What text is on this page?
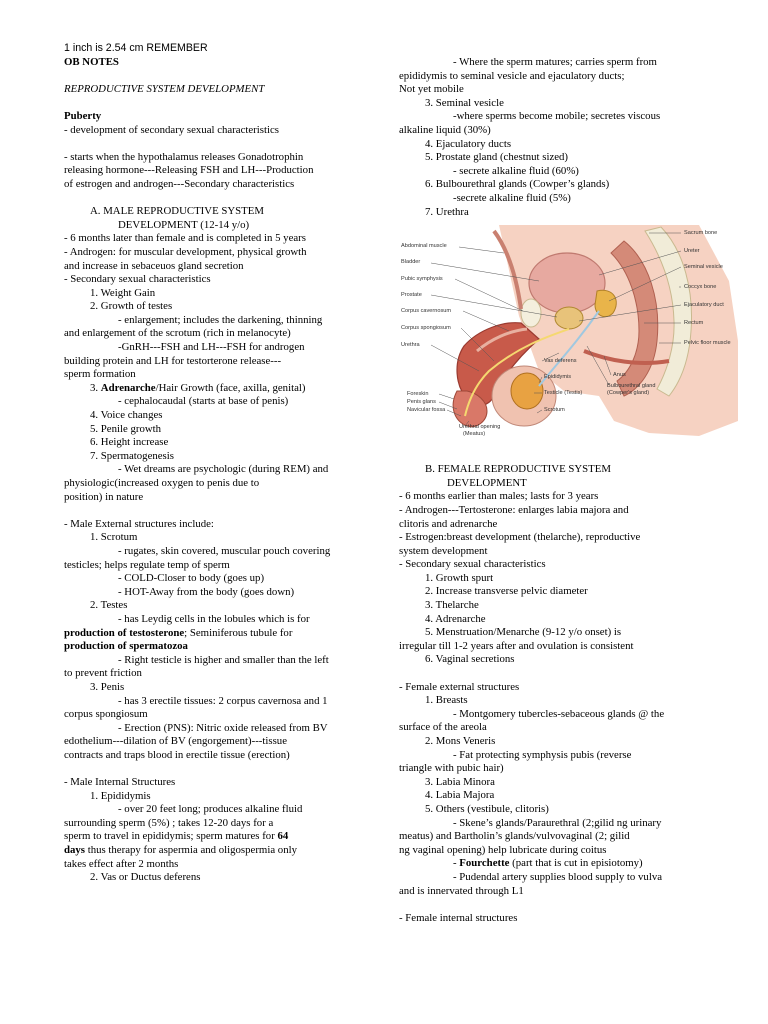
1 inch is 2.54 cm REMEMBER
OB NOTES
REPRODUCTIVE SYSTEM DEVELOPMENT
Puberty
- development of secondary sexual characteristics
- starts when the hypothalamus releases Gonadotrophin
releasing hormone---Releasing FSH and LH---Production
of estrogen and androgen---Secondary characteristics
A. MALE REPRODUCTIVE SYSTEM
DEVELOPMENT (12-14 y/o)
- 6 months later than female and is completed in 5 years
- Androgen: for muscular development, physical growth
and increase in sebaceuos gland secretion
- Secondary sexual characteristics
1. Weight Gain
2. Growth of testes
- enlargement; includes the darkening, thinning
and enlargement of the scrotum (rich in melanocyte)
-GnRH---FSH and LH---FSH for androgen
building protein and LH for testorterone release---
sperm formation
3. Adrenarche/Hair Growth (face, axilla, genital)
- cephalocaudal (starts at base of penis)
4. Voice changes
5. Penile growth
6. Height increase
7. Spermatogenesis
- Wet dreams are psychologic (during REM) and
physiologic(increased oxygen to penis due to
position) in nature
- Male External structures include:
1. Scrotum
- rugates, skin covered, muscular pouch covering
testicles; helps regulate temp of sperm
- COLD-Closer to body (goes up)
- HOT-Away from the body (goes down)
2. Testes
- has Leydig cells in the lobules which is for
production of testosterone; Seminiferous tubule for
production of spermatozoa
- Right testicle is higher and smaller than the left
to prevent friction
3. Penis
- has 3 erectile tissues: 2 corpus cavernosa and 1
corpus spongiosum
- Erection (PNS): Nitric oxide released from BV
edothelium---dilation of BV (engorgement)---tissue
contracts and traps blood in erectile tissue (erection)
- Male Internal Structures
1. Epididymis
- over 20 feet long; produces alkaline fluid
surrounding sperm (5%) ; takes 12-20 days for a
sperm to travel in epididymis; sperm matures for 64
days thus therapy for aspermia and oligospermia only
takes effect after 2 months
2. Vas or Ductus deferens
- Where the sperm matures; carries sperm from
epididymis to seminal vesicle and ejaculatory ducts;
Not yet mobile
3. Seminal vesicle
-where sperms become mobile; secretes viscous
alkaline liquid (30%)
4. Ejaculatory ducts
5. Prostate gland (chestnut sized)
- secrete alkaline fluid (60%)
6. Bulbourethral glands (Cowper’s glands)
-secrete alkaline fluid (5%)
7. Urethra
Abdominal muscle
Bladder
Pubic symphysis
Prostate
Corpus cavernosum
Corpus spongiosum
Urethra
Foreskin
Penis glans
Navicular fossa
Urethral opening
(Meatus)
Vas deferens
Epididymis
Testicle (Testis)
Scrotum
Anus
Bulbourethral gland
(Cowper's gland)
Sacrum bone
Ureter
Seminal vesicle
Coccyx bone
Ejaculatory duct
Rectum
Pelvic floor muscle
B. FEMALE REPRODUCTIVE SYSTEM
DEVELOPMENT
- 6 months earlier than males; lasts for 3 years
- Androgen---Tertosterone: enlarges labia majora and
clitoris and adrenarche
- Estrogen:breast development (thelarche), reproductive
system development
- Secondary sexual characteristics
1. Growth spurt
2. Increase transverse pelvic diameter
3. Thelarche
4. Adrenarche
5. Menstruation/Menarche (9-12 y/o onset) is
irregular till 1-2 years after and ovulation is consistent
6. Vaginal secretions
- Female external structures
1. Breasts
- Montgomery tubercles-sebaceous glands @ the
surface of the areola
2. Mons Veneris
- Fat protecting symphysis pubis (reverse
triangle with pubic hair)
3. Labia Minora
4. Labia Majora
5. Others (vestibule, clitoris)
- Skene’s glands/Paraurethral (2;gilid ng urinary
meatus) and Bartholin’s glands/vulvovaginal (2; gilid
ng vaginal opening) help lubricate during coitus
- Fourchette (part that is cut in episiotomy)
- Pudendal artery supplies blood supply to vulva
and is innervated through L1
- Female internal structures
